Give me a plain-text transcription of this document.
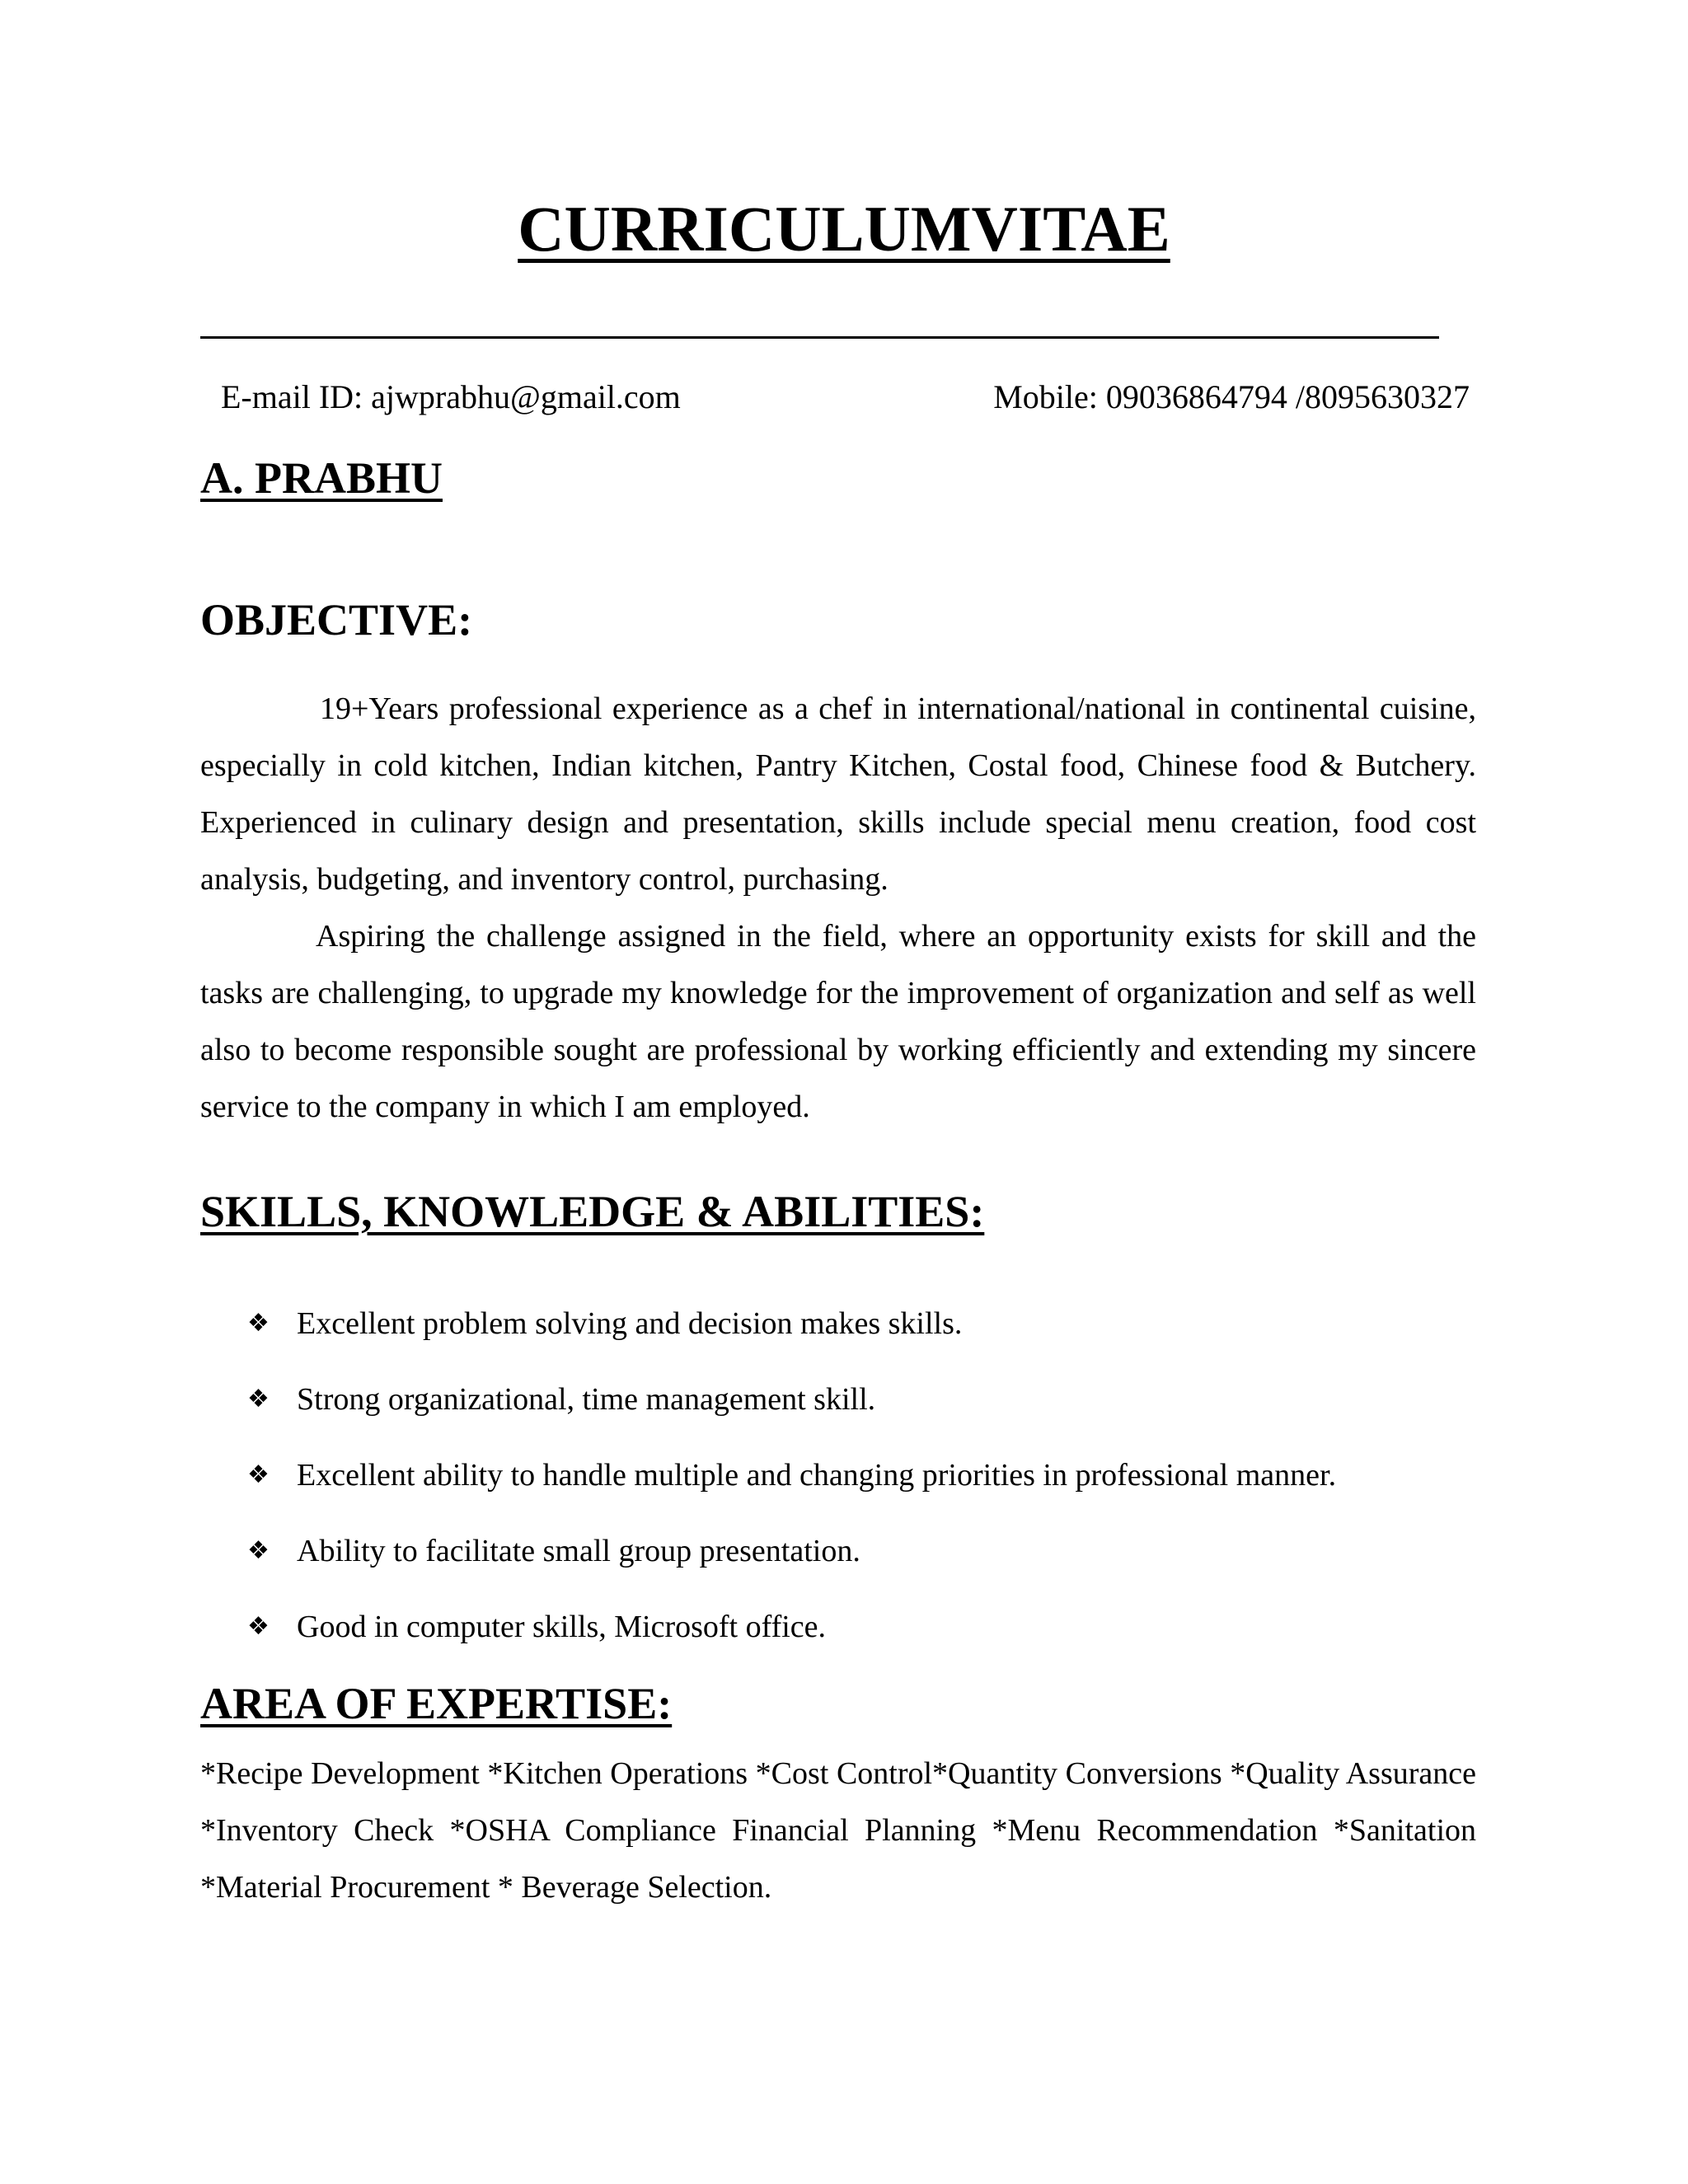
CURRICULUMVITAE
E-mail ID: ajwprabhu@gmail.com	Mobile: 09036864794 /8095630327
A. PRABHU
OBJECTIVE:

19+Years professional experience as a chef in international/national in continental cuisine, especially in cold kitchen, Indian kitchen, Pantry Kitchen, Costal food, Chinese food & Butchery. Experienced in culinary design and presentation, skills include special menu creation, food cost analysis, budgeting, and inventory control, purchasing.

Aspiring the challenge assigned in the field, where an opportunity exists for skill and the tasks are challenging, to upgrade my knowledge for the improvement of organization and self as well also to become responsible sought are professional by working efficiently and extending my sincere service to the company in which I am employed.

SKILLS, KNOWLEDGE & ABILITIES:
❖ Excellent problem solving and decision makes skills.
❖ Strong organizational, time management skill.
❖ Excellent ability to handle multiple and changing priorities in professional manner.
❖ Ability to facilitate small group presentation.
❖ Good in computer skills, Microsoft office.
AREA OF EXPERTISE:

*Recipe Development *Kitchen Operations *Cost Control*Quantity Conversions *Quality Assurance *Inventory Check *OSHA Compliance Financial Planning *Menu Recommendation *Sanitation *Material Procurement * Beverage Selection.
